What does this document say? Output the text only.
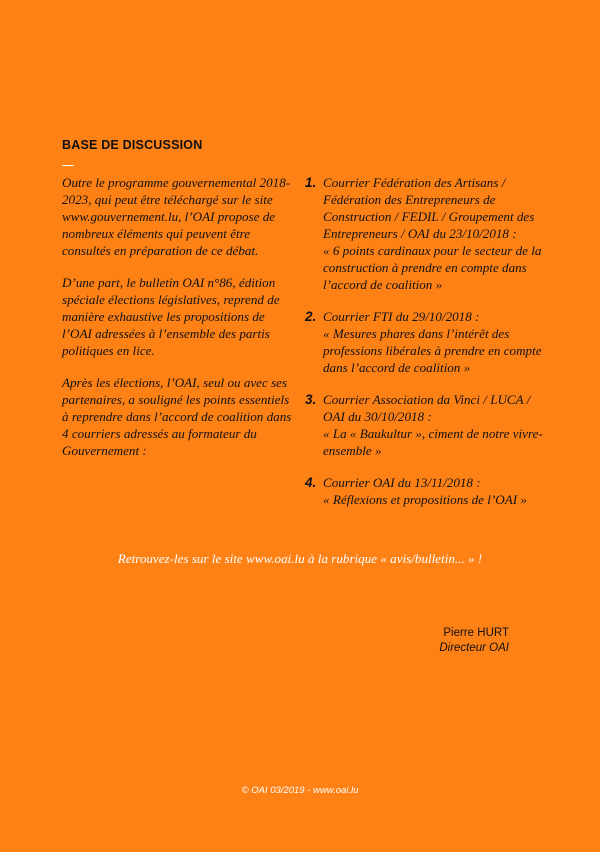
BASE DE DISCUSSION

Outre le programme gouvernemental 2018-2023, qui peut être téléchargé sur le site www.gouvernement.lu, l’OAI propose de nombreux éléments qui peuvent être consultés en préparation de ce débat.

D’une part, le bulletin OAI n°86, édition spéciale élections législatives, reprend de manière exhaustive les propositions de l’OAI adressées à l’ensemble des partis politiques en lice.

Après les élections, l’OAI, seul ou avec ses partenaires, a souligné les points essentiels à reprendre dans l’accord de coalition dans 4 courriers adressés au formateur du Gouvernement :

1. Courrier Fédération des Artisans / Fédération des Entrepreneurs de Construction / FEDIL / Groupement des Entrepreneurs / OAI du 23/10/2018 :
« 6 points cardinaux pour le secteur de la construction à prendre en compte dans l’accord de coalition »
2. Courrier FTI du 29/10/2018 :
« Mesures phares dans l’intérêt des professions libérales à prendre en compte dans l’accord de coalition »
3. Courrier Association da Vinci / LUCA / OAI du 30/10/2018 :
« La « Baukultur », ciment de notre vivre-ensemble »
4. Courrier OAI du 13/11/2018 :
« Réflexions et propositions de l’OAI »
Retrouvez-les sur le site www.oai.lu à la rubrique « avis/bulletin... » !
Pierre HURT
Directeur OAI
© OAI 03/2019 - www.oai.lu
